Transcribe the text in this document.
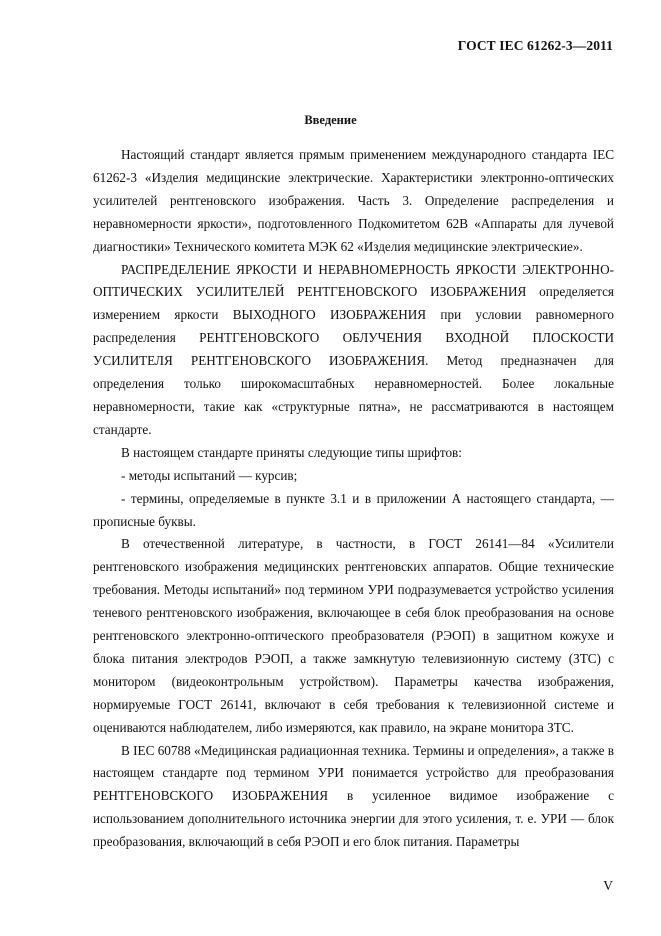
ГОСТ IEC 61262-3—2011
Введение

Настоящий стандарт является прямым применением международного стандарта IEC 61262-3 «Изделия медицинские электрические. Характеристики электронно-оптических усилителей рентгеновского изображения. Часть 3. Определение распределения и неравномерности яркости», подготовленного Подкомитетом 62В «Аппараты для лучевой диагностики» Технического комитета МЭК 62 «Изделия медицинские электрические».

РАСПРЕДЕЛЕНИЕ ЯРКОСТИ И НЕРАВНОМЕРНОСТЬ ЯРКОСТИ ЭЛЕКТРОННО-ОПТИЧЕСКИХ УСИЛИТЕЛЕЙ РЕНТГЕНОВСКОГО ИЗОБРАЖЕНИЯ определяется измерением яркости ВЫХОДНОГО ИЗОБРАЖЕНИЯ при условии равномерного распределения РЕНТГЕНОВСКОГО ОБЛУЧЕНИЯ ВХОДНОЙ ПЛОСКОСТИ УСИЛИТЕЛЯ РЕНТГЕНОВСКОГО ИЗОБРАЖЕНИЯ. Метод предназначен для определения только широкомасштабных неравномерностей. Более локальные неравномерности, такие как «структурные пятна», не рассматриваются в настоящем стандарте.

В настоящем стандарте приняты следующие типы шрифтов:

- методы испытаний — курсив;

- термины, определяемые в пункте 3.1 и в приложении А настоящего стандарта, — прописные буквы.

В отечественной литературе, в частности, в ГОСТ 26141—84 «Усилители рентгеновского изображения медицинских рентгеновских аппаратов. Общие технические требования. Методы испытаний» под термином УРИ подразумевается устройство усиления теневого рентгеновского изображения, включающее в себя блок преобразования на основе рентгеновского электронно-оптического преобразователя (РЭОП) в защитном кожухе и блока питания электродов РЭОП, а также замкнутую телевизионную систему (ЗТС) с монитором (видеоконтрольным устройством). Параметры качества изображения, нормируемые ГОСТ 26141, включают в себя требования к телевизионной системе и оцениваются наблюдателем, либо измеряются, как правило, на экране монитора ЗТС.

В IEC 60788 «Медицинская радиационная техника. Термины и определения», а также в настоящем стандарте под термином УРИ понимается устройство для преобразования РЕНТГЕНОВСКОГО ИЗОБРАЖЕНИЯ в усиленное видимое изображение с использованием дополнительного источника энергии для этого усиления, т. е. УРИ — блок преобразования, включающий в себя РЭОП и его блок питания. Параметры

V
